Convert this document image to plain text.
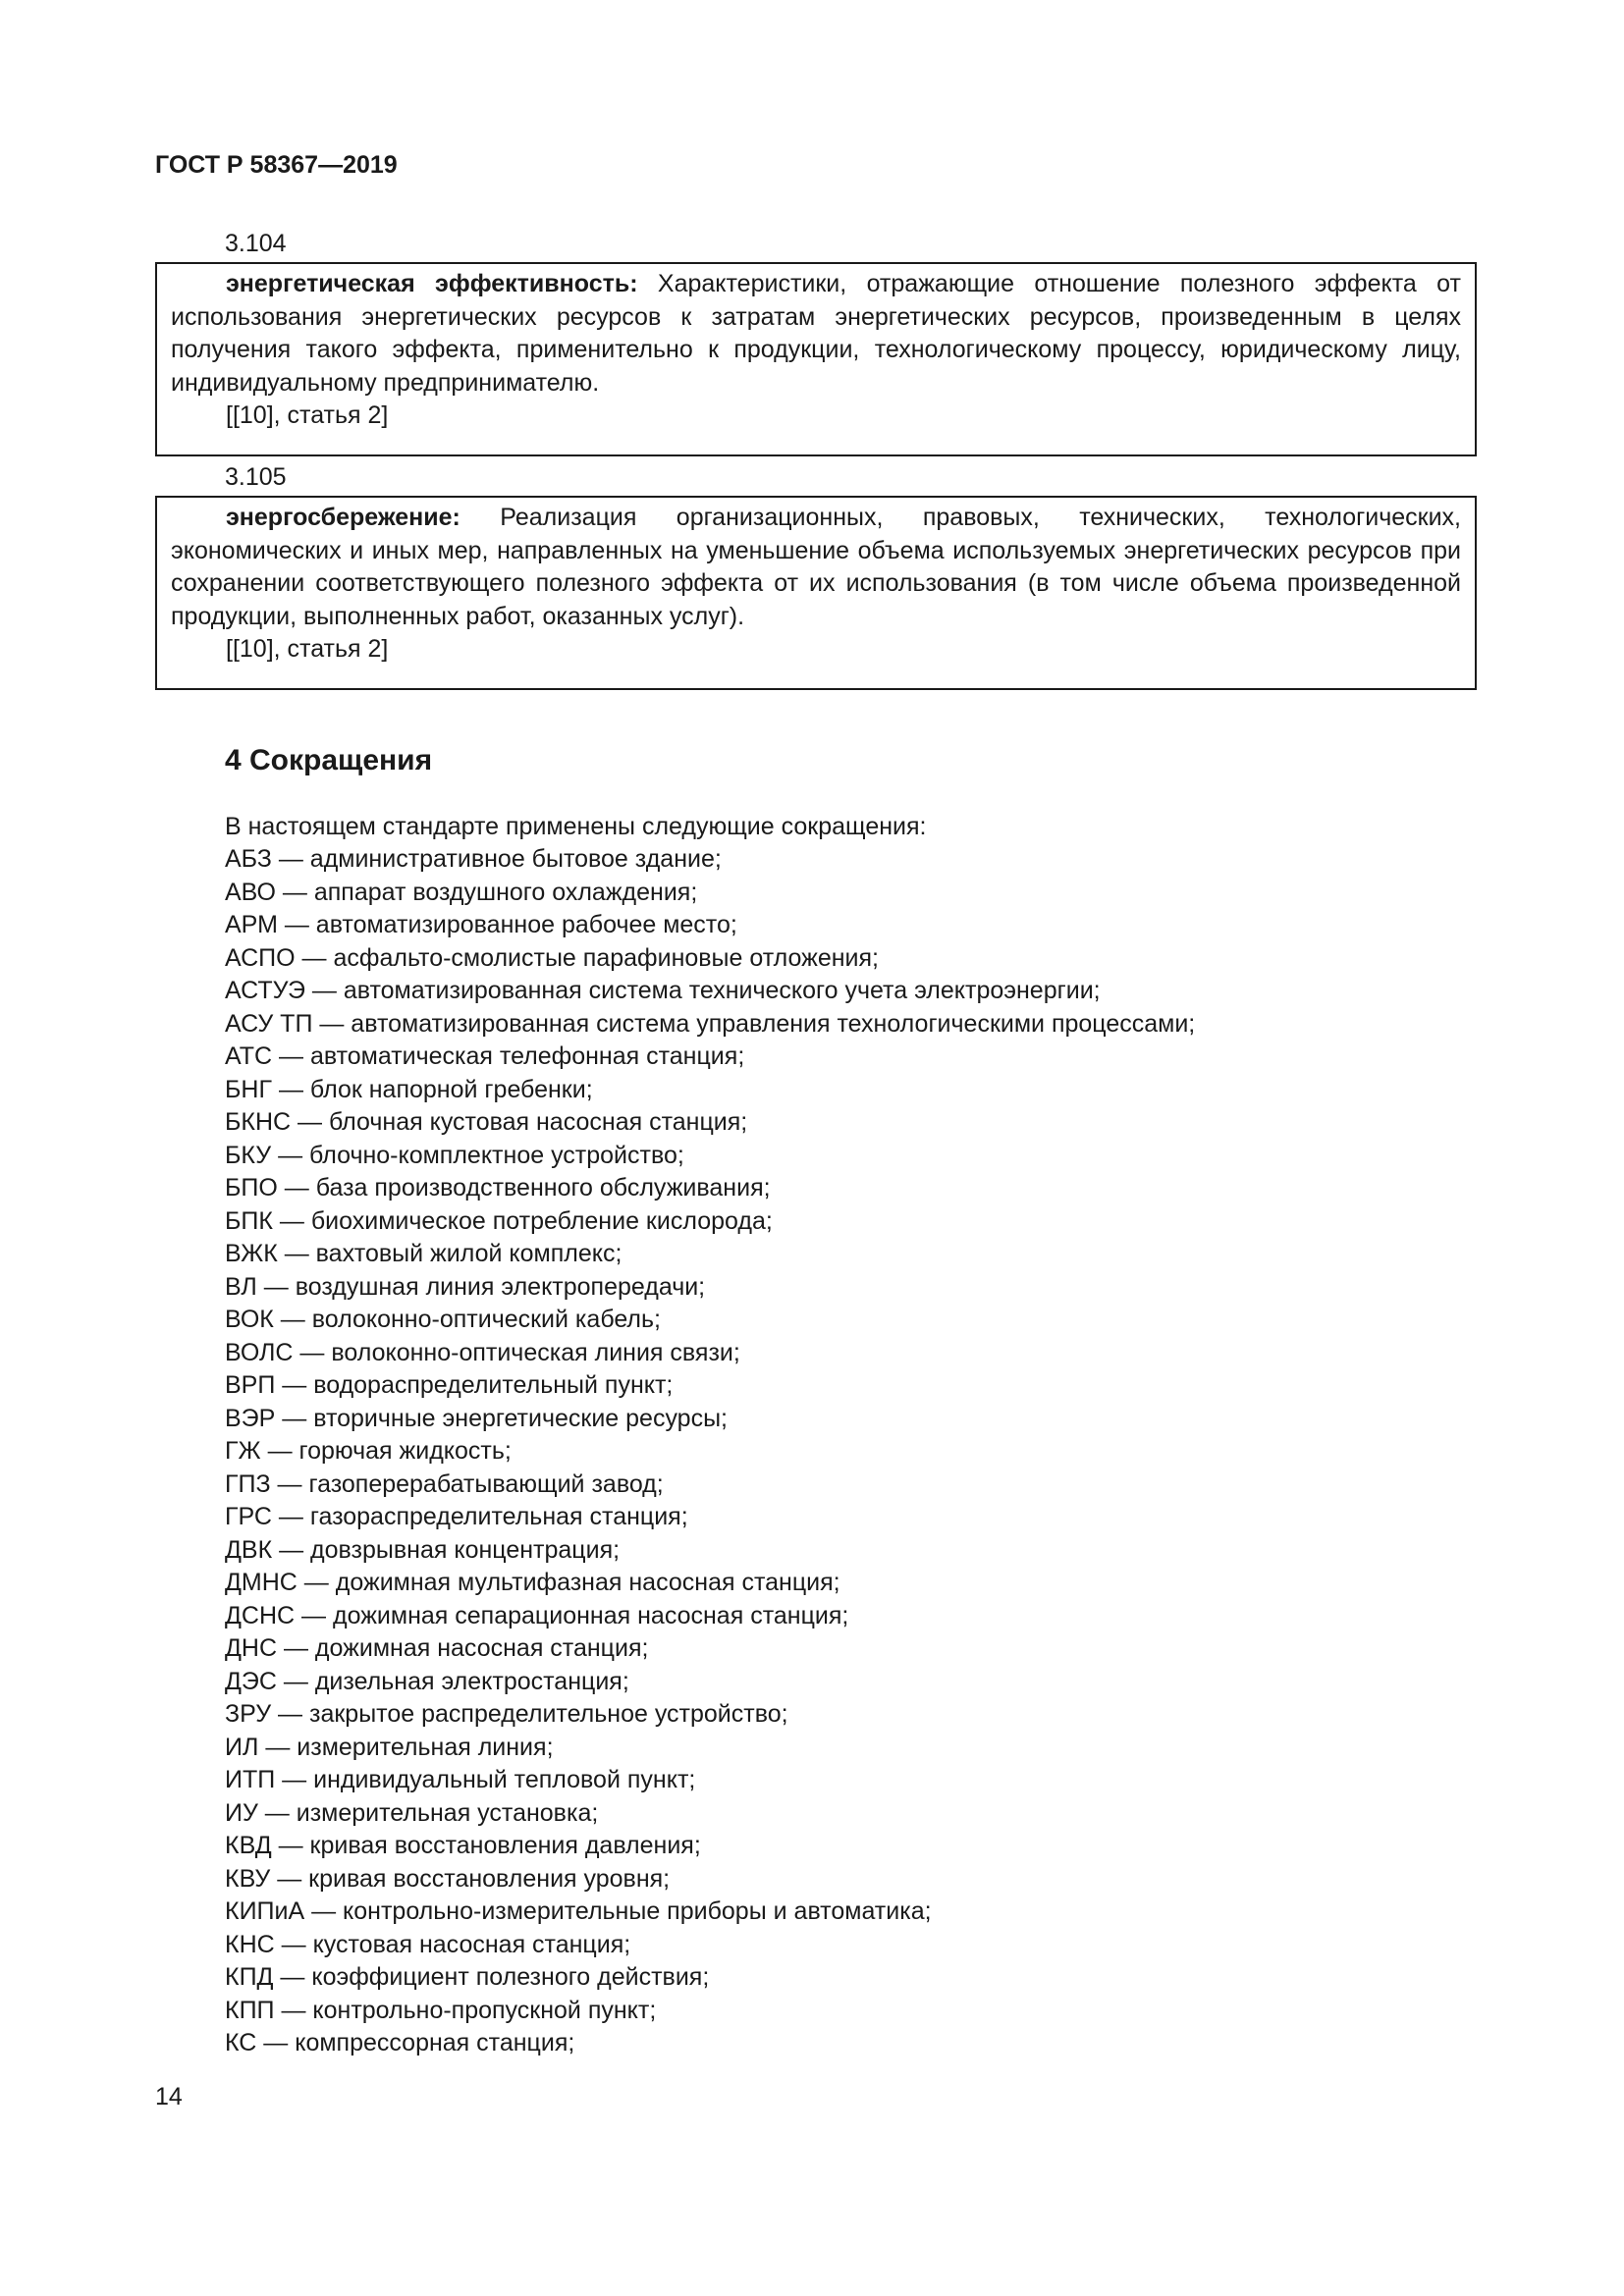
ГОСТ Р 58367—2019
3.104

энергетическая эффективность: Характеристики, отражающие отношение полезного эффекта от использования энергетических ресурсов к затратам энергетических ресурсов, произведенным в целях получения такого эффекта, применительно к продукции, технологическому процессу, юридическому лицу, индивидуальному предпринимателю.

[[10], статья 2]

3.105

энергосбережение: Реализация организационных, правовых, технических, технологических, экономических и иных мер, направленных на уменьшение объема используемых энергетических ресурсов при сохранении соответствующего полезного эффекта от их использования (в том числе объема произведенной продукции, выполненных работ, оказанных услуг).

[[10], статья 2]

4 Сокращения
В настоящем стандарте применены следующие сокращения:
АБЗ — административное бытовое здание;
АВО — аппарат воздушного охлаждения;
АРМ — автоматизированное рабочее место;
АСПО — асфальто-смолистые парафиновые отложения;
АСТУЭ — автоматизированная система технического учета электроэнергии;
АСУ ТП — автоматизированная система управления технологическими процессами;
АТС — автоматическая телефонная станция;
БНГ — блок напорной гребенки;
БКНС — блочная кустовая насосная станция;
БКУ — блочно-комплектное устройство;
БПО — база производственного обслуживания;
БПК — биохимическое потребление кислорода;
ВЖК — вахтовый жилой комплекс;
ВЛ — воздушная линия электропередачи;
ВОК — волоконно-оптический кабель;
ВОЛС — волоконно-оптическая линия связи;
ВРП — водораспределительный пункт;
ВЭР — вторичные энергетические ресурсы;
ГЖ — горючая жидкость;
ГПЗ — газоперерабатывающий завод;
ГРС — газораспределительная станция;
ДВК — довзрывная концентрация;
ДМНС — дожимная мультифазная насосная станция;
ДСНС — дожимная сепарационная насосная станция;
ДНС — дожимная насосная станция;
ДЭС — дизельная электростанция;
ЗРУ — закрытое распределительное устройство;
ИЛ — измерительная линия;
ИТП — индивидуальный тепловой пункт;
ИУ — измерительная установка;
КВД — кривая восстановления давления;
КВУ — кривая восстановления уровня;
КИПиА — контрольно-измерительные приборы и автоматика;
КНС — кустовая насосная станция;
КПД — коэффициент полезного действия;
КПП — контрольно-пропускной пункт;
КС — компрессорная станция;
14
